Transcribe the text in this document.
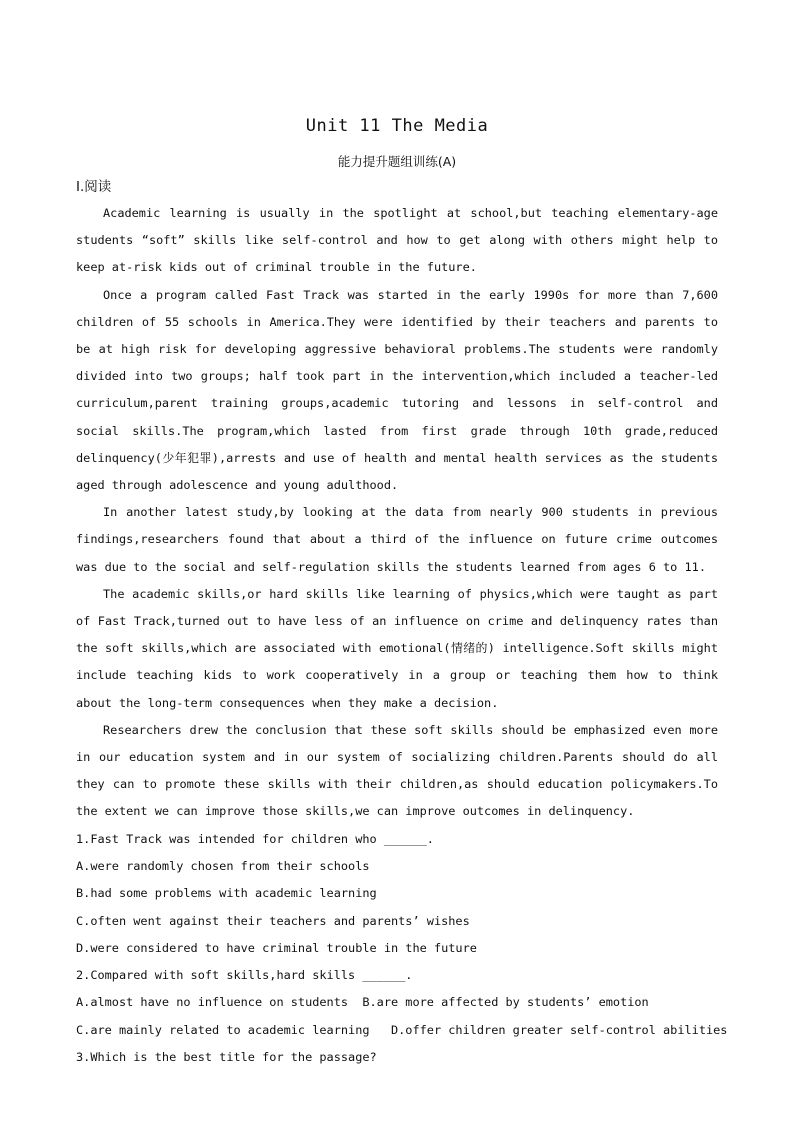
Unit 11 The Media
能力提升题组训练(A)
Ⅰ.阅读

Academic learning is usually in the spotlight at school,but teaching elementary-age students “soft” skills like self-control and how to get along with others might help to keep at-risk kids out of criminal trouble in the future.

Once a program called Fast Track was started in the early 1990s for more than 7,600 children of 55 schools in America.They were identified by their teachers and parents to be at high risk for developing aggressive behavioral problems.The students were randomly divided into two groups; half took part in the intervention,which included a teacher-led curriculum,parent training groups,academic tutoring and lessons in self-control and social skills.The program,which lasted from first grade through 10th grade,reduced delinquency(少年犯罪),arrests and use of health and mental health services as the students aged through adolescence and young adulthood.

In another latest study,by looking at the data from nearly 900 students in previous findings,researchers found that about a third of the influence on future crime outcomes was due to the social and self-regulation skills the students learned from ages 6 to 11.

The academic skills,or hard skills like learning of physics,which were taught as part of Fast Track,turned out to have less of an influence on crime and delinquency rates than the soft skills,which are associated with emotional(情绪的) intelligence.Soft skills might include teaching kids to work cooperatively in a group or teaching them how to think about the long-term consequences when they make a decision.

Researchers drew the conclusion that these soft skills should be emphasized even more in our education system and in our system of socializing children.Parents should do all they can to promote these skills with their children,as should education policymakers.To the extent we can improve those skills,we can improve outcomes in delinquency.

1.Fast Track was intended for children who ______.

A.were randomly chosen from their schools

B.had some problems with academic learning

C.often went against their teachers and parents’ wishes

D.were considered to have criminal trouble in the future

2.Compared with soft skills,hard skills ______.

A.almost have no influence on students  B.are more affected by students’ emotion

C.are mainly related to academic learning   D.offer children greater self-control abilities

3.Which is the best title for the passage?
